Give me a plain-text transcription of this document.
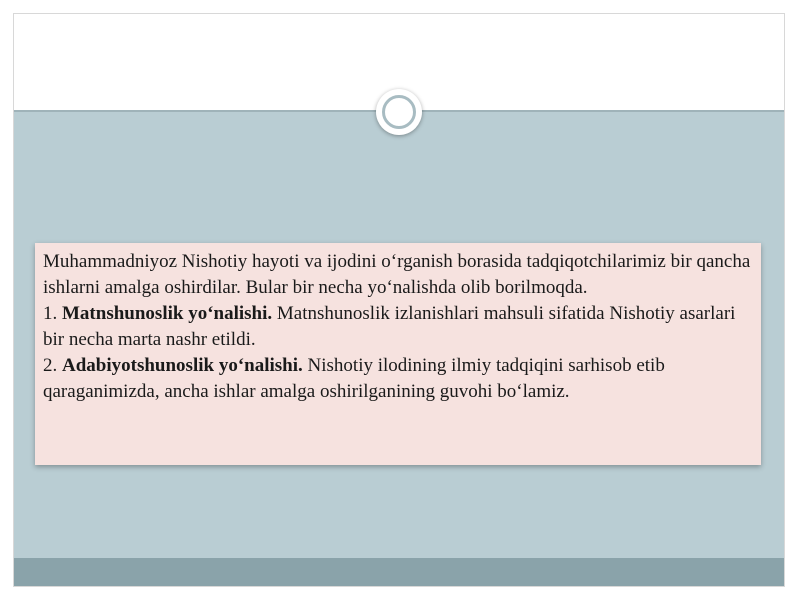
Muhammadniyoz Nishotiy hayoti va ijodini o‘rganish borasida tadqiqotchilarimiz bir qancha ishlarni amalga oshirdilar. Bular bir necha yo‘nalishda olib borilmoqda.

1. Matnshunoslik yo‘nalishi. Matnshunoslik izlanishlari mahsuli sifatida Nishotiy asarlari bir necha marta nashr etildi.

2. Adabiyotshunoslik yo‘nalishi. Nishotiy ilodining ilmiy tadqiqini sarhisob etib qaraganimizda, ancha ishlar amalga oshirilganining guvohi bo‘lamiz.
